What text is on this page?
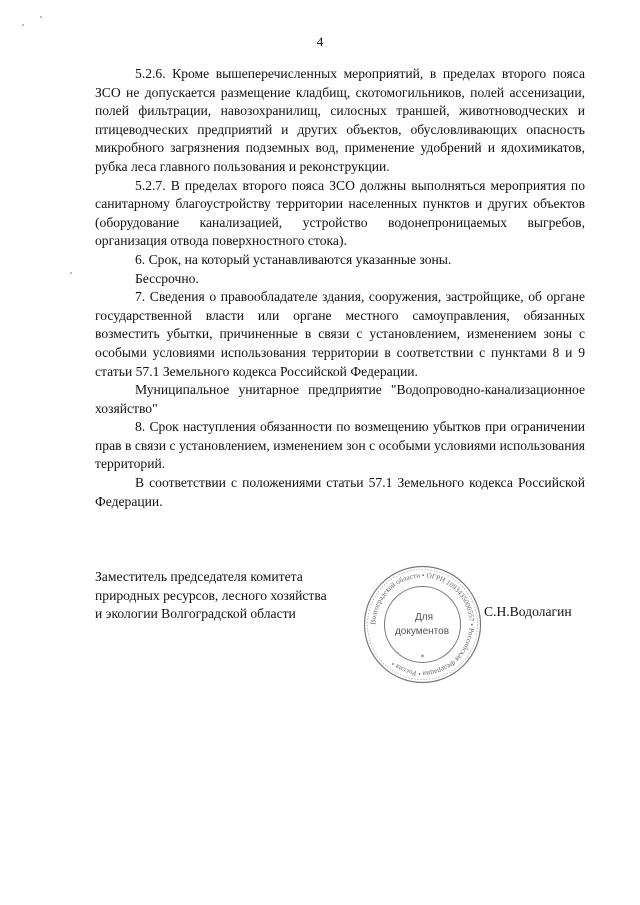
4

5.2.6. Кроме вышеперечисленных мероприятий, в пределах второго пояса ЗСО не допускается размещение кладбищ, скотомогильников, полей ассенизации, полей фильтрации, навозохранилищ, силосных траншей, животноводческих и птицеводческих предприятий и других объектов, обусловливающих опасность микробного загрязнения подземных вод, применение удобрений и ядохимикатов, рубка леса главного пользования и реконструкции.

5.2.7. В пределах второго пояса ЗСО должны выполняться мероприятия по санитарному благоустройству территории населенных пунктов и других объектов (оборудование канализацией, устройство водонепроницаемых выгребов, организация отвода поверхностного стока).

6. Срок, на который устанавливаются указанные зоны.

Бессрочно.

7. Сведения о правообладателе здания, сооружения, застройщике, об органе государственной власти или органе местного самоуправления, обязанных возместить убытки, причиненные в связи с установлением, изменением зоны с особыми условиями использования территории в соответствии с пунктами 8 и 9 статьи 57.1 Земельного кодекса Российской Федерации.

Муниципальное унитарное предприятие "Водопроводно-канализационное хозяйство"

8. Срок наступления обязанности по возмещению убытков при ограничении прав в связи с установлением, изменением зон с особыми условиями использования территорий.

В соответствии с положениями статьи 57.1 Земельного кодекса Российской Федерации.

Заместитель председателя комитета
природных ресурсов, лесного хозяйства
и экологии Волгоградской области
Волгоградской области • ОГРН 1093435000557 • Российская Федерация • Россия •
Для
документов
*
С.Н.Водолагин
